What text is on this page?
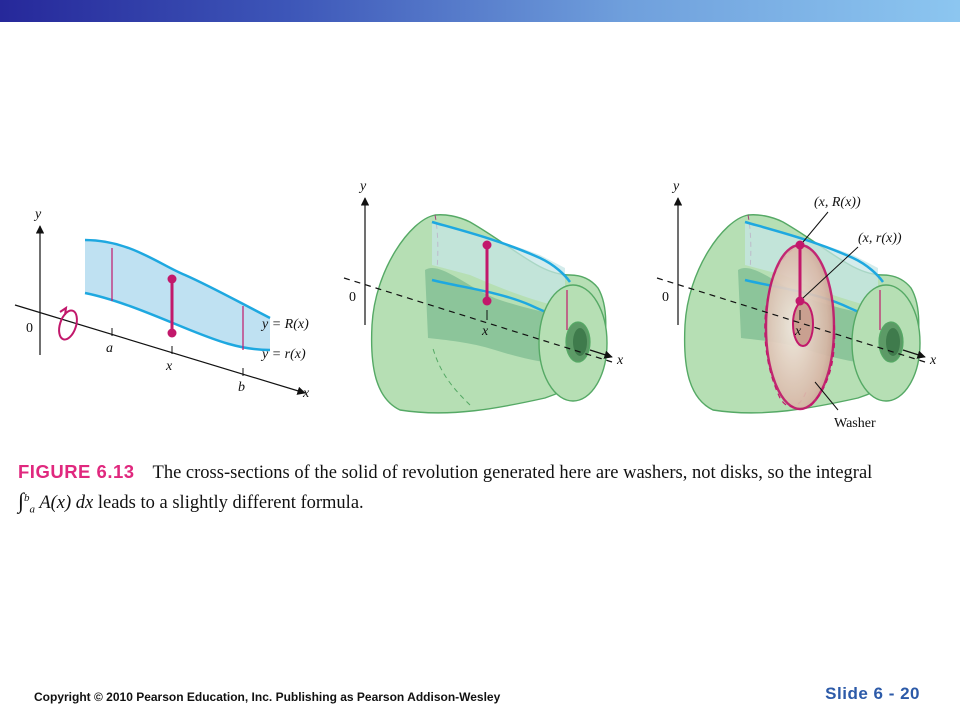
y
0
a
x
b	x
y = R(x)
y = r(x)
y
0
x
x
y
0
x
x
(x, R(x))
(x, r(x))
Washer
FIGURE 6.13 The cross-sections of the solid of revolution generated here are washers, not disks, so the integral
∫$^b_a$ A(x) dx leads to a slightly different formula.
Copyright © 2010 Pearson Education, Inc. Publishing as Pearson Addison-Wesley	Slide 6 - 20
